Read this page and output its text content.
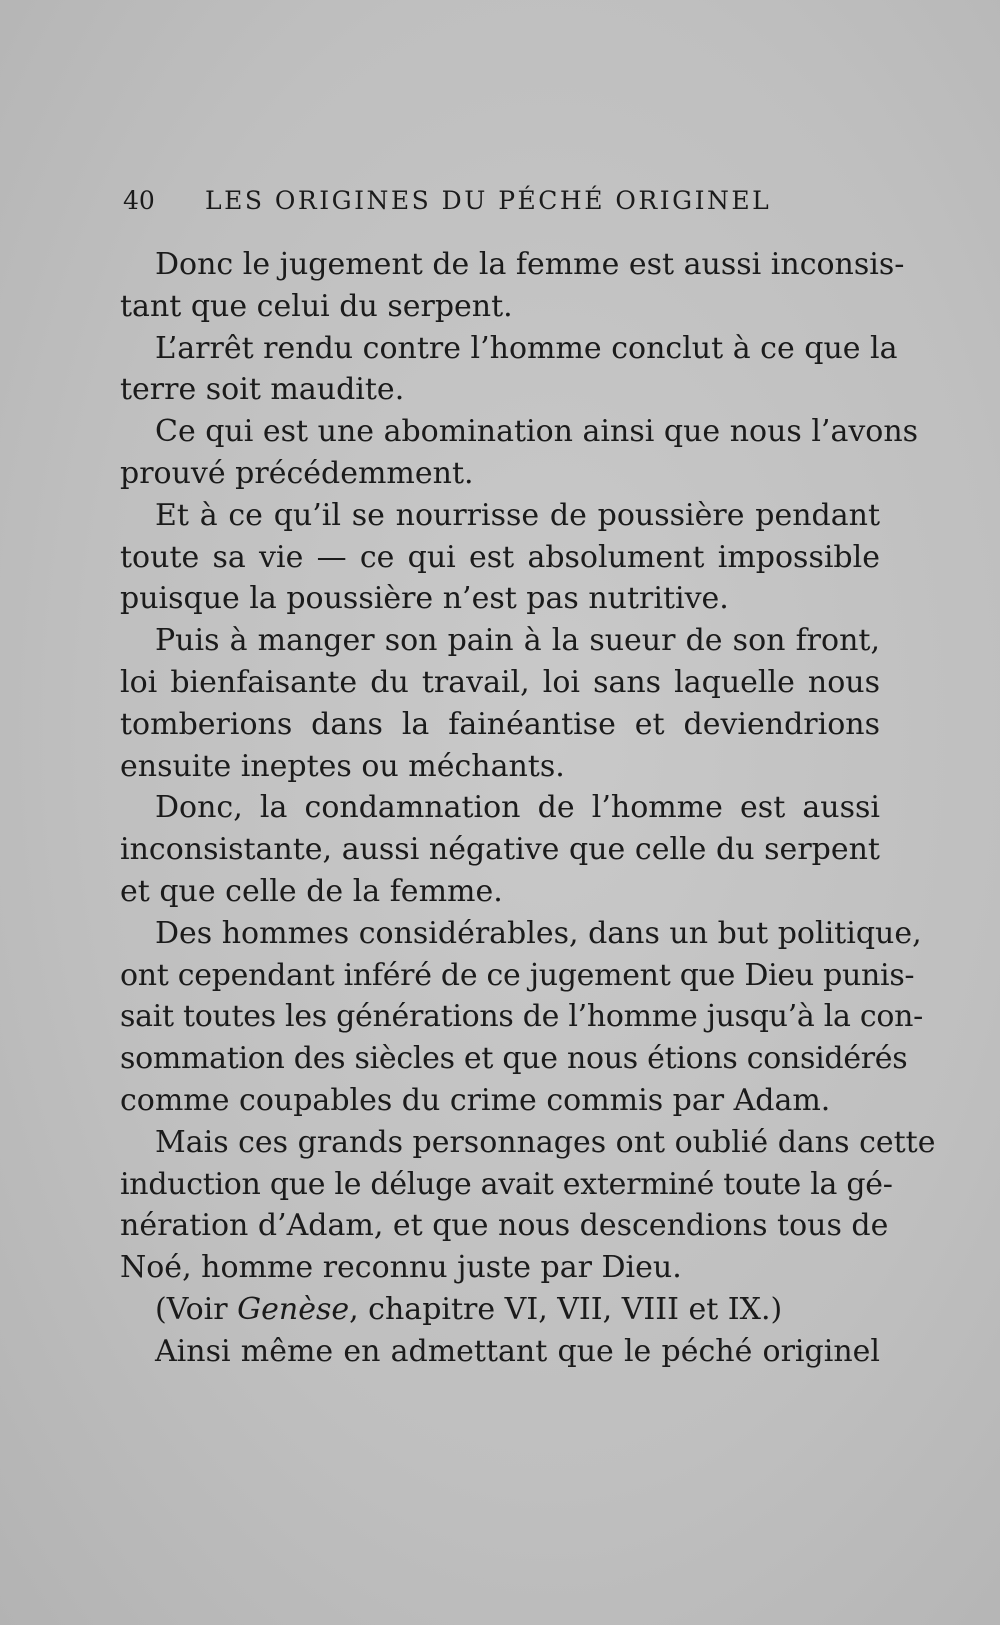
40 LES ORIGINES DU PÉCHÉ ORIGINEL
Donc le jugement de la femme est aussi inconsis-
tant que celui du serpent.
L’arrêt rendu contre l’homme conclut à ce que la
terre soit maudite.
Ce qui est une abomination ainsi que nous l’avons
prouvé précédemment.
Et à ce qu’il se nourrisse de poussière pendant
toute sa vie — ce qui est absolument impossible
puisque la poussière n’est pas nutritive.
Puis à manger son pain à la sueur de son front,
loi bienfaisante du travail, loi sans laquelle nous
tomberions dans la fainéantise et deviendrions
ensuite ineptes ou méchants.
Donc, la condamnation de l’homme est aussi
inconsistante, aussi négative que celle du serpent
et que celle de la femme.
Des hommes considérables, dans un but politique,
ont cependant inféré de ce jugement que Dieu punis-
sait toutes les générations de l’homme jusqu’à la con-
sommation des siècles et que nous étions considérés
comme coupables du crime commis par Adam.
Mais ces grands personnages ont oublié dans cette
induction que le déluge avait exterminé toute la gé-
nération d’Adam, et que nous descendions tous de
Noé, homme reconnu juste par Dieu.
(Voir Genèse, chapitre VI, VII, VIII et IX.)
Ainsi même en admettant que le péché originel
